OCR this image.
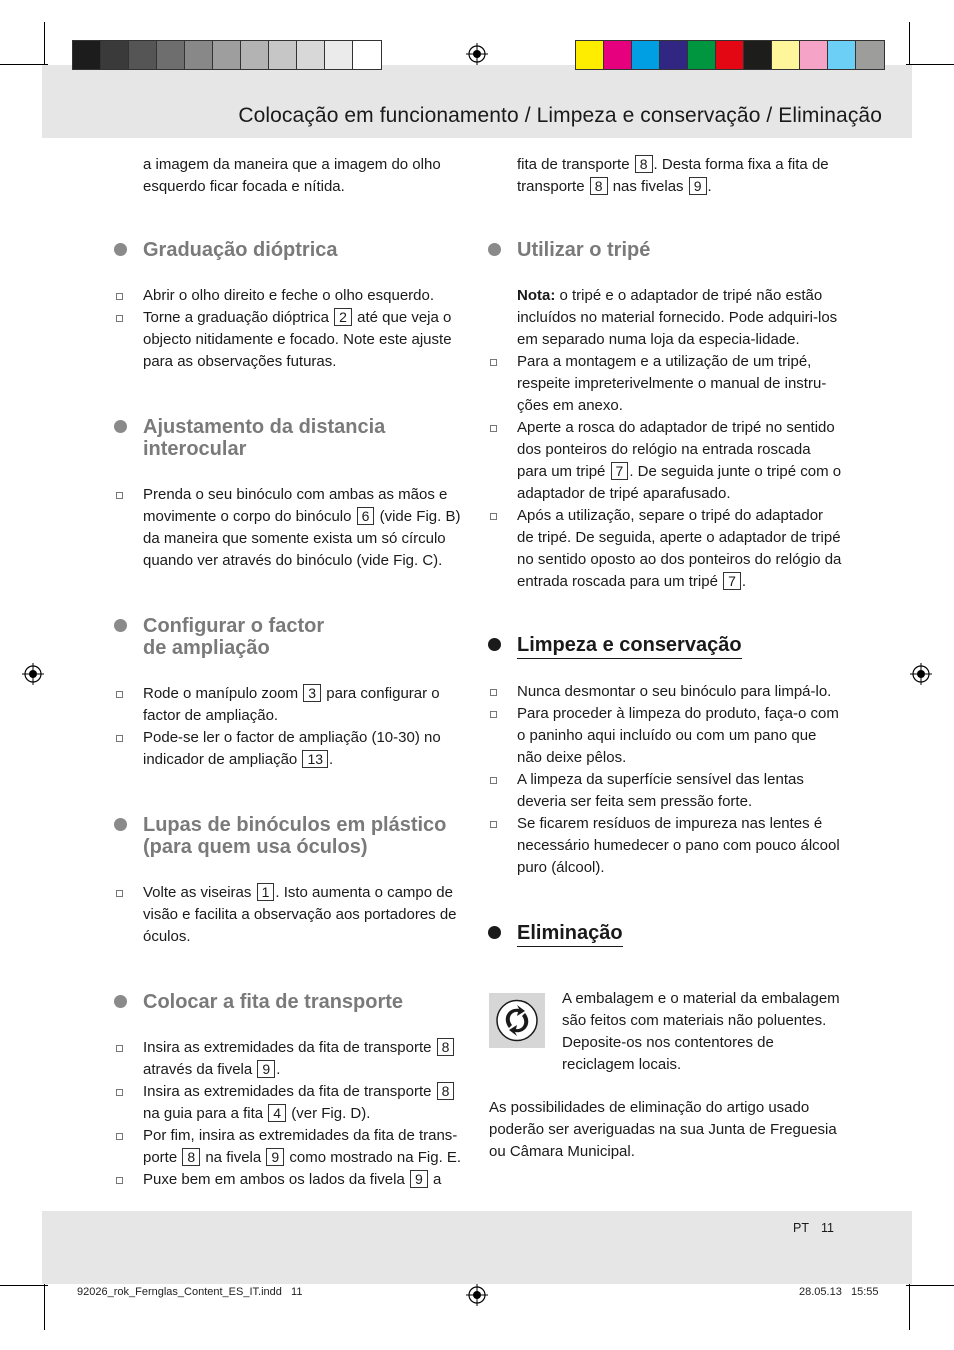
Colocação em funcionamento / Limpeza e conservação / Eliminação

a imagem da maneira que a imagem do olho esquerdo ficar focada e nítida.

Graduação dióptrica
Abrir o olho direito e feche o olho esquerdo.
Torne a graduação dióptrica 2 até que veja o objecto nitidamente e focado. Note este ajuste para as observações futuras.
Ajustamento da distancia
interocular
Prenda o seu binóculo com ambas as mãos e movimente o corpo do binóculo 6 (vide Fig. B) da maneira que somente exista um só círculo quando ver através do binóculo (vide Fig. C).
Configurar o factor
de ampliação
Rode o manípulo zoom 3 para configurar o factor de ampliação.
Pode-se ler o factor de ampliação (10-30) no indicador de ampliação 13 .
Lupas de binóculos em plástico
(para quem usa óculos)
Volte as viseiras 1 . Isto aumenta o campo de visão e facilita a observação aos portadores de óculos.
Colocar a fita de transporte
Insira as extremidades da fita de transporte 8 através da fivela 9 .
Insira as extremidades da fita de transporte 8 na guia para a fita 4 (ver Fig. D).
Por fim, insira as extremidades da fita de trans-porte 8 na fivela 9 como mostrado na Fig. E.
Puxe bem em ambos os lados da fivela 9 a

fita de transporte 8 . Desta forma fixa a fita de transporte 8 nas fivelas 9 .

Utilizar o tripé

Nota: o tripé e o adaptador de tripé não estão incluídos no material fornecido. Pode adquiri-los em separado numa loja da especia-lidade.

Para a montagem e a utilização de um tripé, respeite impreterivelmente o manual de instru-ções em anexo.
Aperte a rosca do adaptador de tripé no sentido dos ponteiros do relógio na entrada roscada para um tripé 7 . De seguida junte o tripé com o adaptador de tripé aparafusado.
Após a utilização, separe o tripé do adaptador de tripé. De seguida, aperte o adaptador de tripé no sentido oposto ao dos ponteiros do relógio da entrada roscada para um tripé 7 .
Limpeza e conservação
Nunca desmontar o seu binóculo para limpá-lo.
Para proceder à limpeza do produto, faça-o com o paninho aqui incluído ou com um pano que não deixe pêlos.
A limpeza da superfície sensível das lentas deveria ser feita sem pressão forte.
Se ficarem resíduos de impureza nas lentes é necessário humedecer o pano com pouco álcool puro (álcool).
Eliminação

A embalagem e o material da embalagem são feitos com materiais não poluentes. Deposite-os nos contentores de reciclagem locais.

As possibilidades de eliminação do artigo usado poderão ser averiguadas na sua Junta de Freguesia ou Câmara Municipal.

PT 11
92026_rok_Fernglas_Content_ES_IT.indd   11	28.05.13   15:55
